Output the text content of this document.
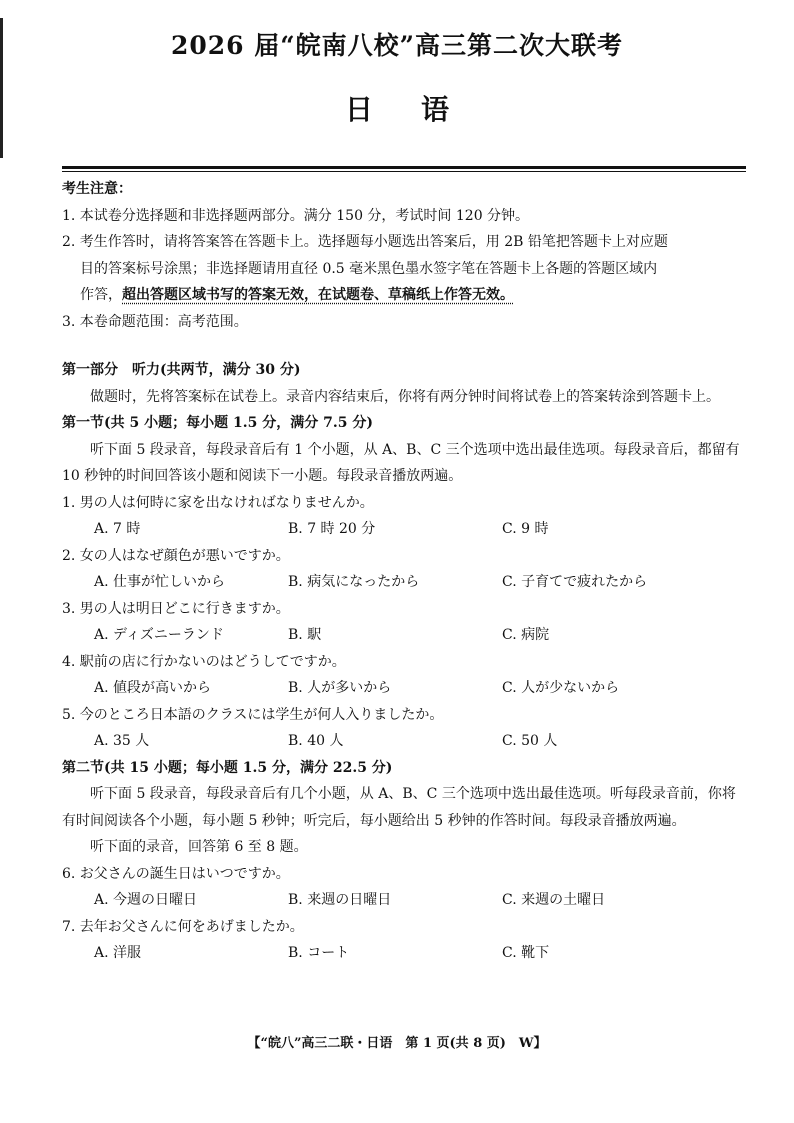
2026 届“皖南八校”高三第二次大联考
日语

考生注意：

1. 本试卷分选择题和非选择题两部分。满分 150 分，考试时间 120 分钟。

2. 考生作答时，请将答案答在答题卡上。选择题每小题选出答案后，用 2B 铅笔把答题卡上对应题

目的答案标号涂黑；非选择题请用直径 0.5 毫米黑色墨水签字笔在答题卡上各题的答题区域内

作答，超出答题区域书写的答案无效，在试题卷、草稿纸上作答无效。

3. 本卷命题范围：高考范围。

第一部分　听力(共两节，满分 30 分)

做题时，先将答案标在试卷上。录音内容结束后，你将有两分钟时间将试卷上的答案转涂到答题卡上。

第一节(共 5 小题；每小题 1.5 分，满分 7.5 分)

听下面 5 段录音，每段录音后有 1 个小题，从 A、B、C 三个选项中选出最佳选项。每段录音后，都留有 10 秒钟的时间回答该小题和阅读下一小题。每段录音播放两遍。

1. 男の人は何時に家を出なければなりませんか。

A. 7 時	B. 7 時 20 分	C. 9 時

2. 女の人はなぜ顔色が悪いですか。

A. 仕事が忙しいから	B. 病気になったから	C. 子育てで疲れたから

3. 男の人は明日どこに行きますか。

A. ディズニーランド	B. 駅	C. 病院

4. 駅前の店に行かないのはどうしてですか。

A. 値段が高いから	B. 人が多いから	C. 人が少ないから

5. 今のところ日本語のクラスには学生が何人入りましたか。

A. 35 人	B. 40 人	C. 50 人

第二节(共 15 小题；每小题 1.5 分，满分 22.5 分)

听下面 5 段录音，每段录音后有几个小题，从 A、B、C 三个选项中选出最佳选项。听每段录音前，你将有时间阅读各个小题，每小题 5 秒钟；听完后，每小题给出 5 秒钟的作答时间。每段录音播放两遍。

听下面的录音，回答第 6 至 8 题。

6. お父さんの誕生日はいつですか。

A. 今週の日曜日	B. 来週の日曜日	C. 来週の土曜日

7. 去年お父さんに何をあげましたか。

A. 洋服	B. コート	C. 靴下
【“皖八”高三二联・日语　第 1 页(共 8 页)　W】
